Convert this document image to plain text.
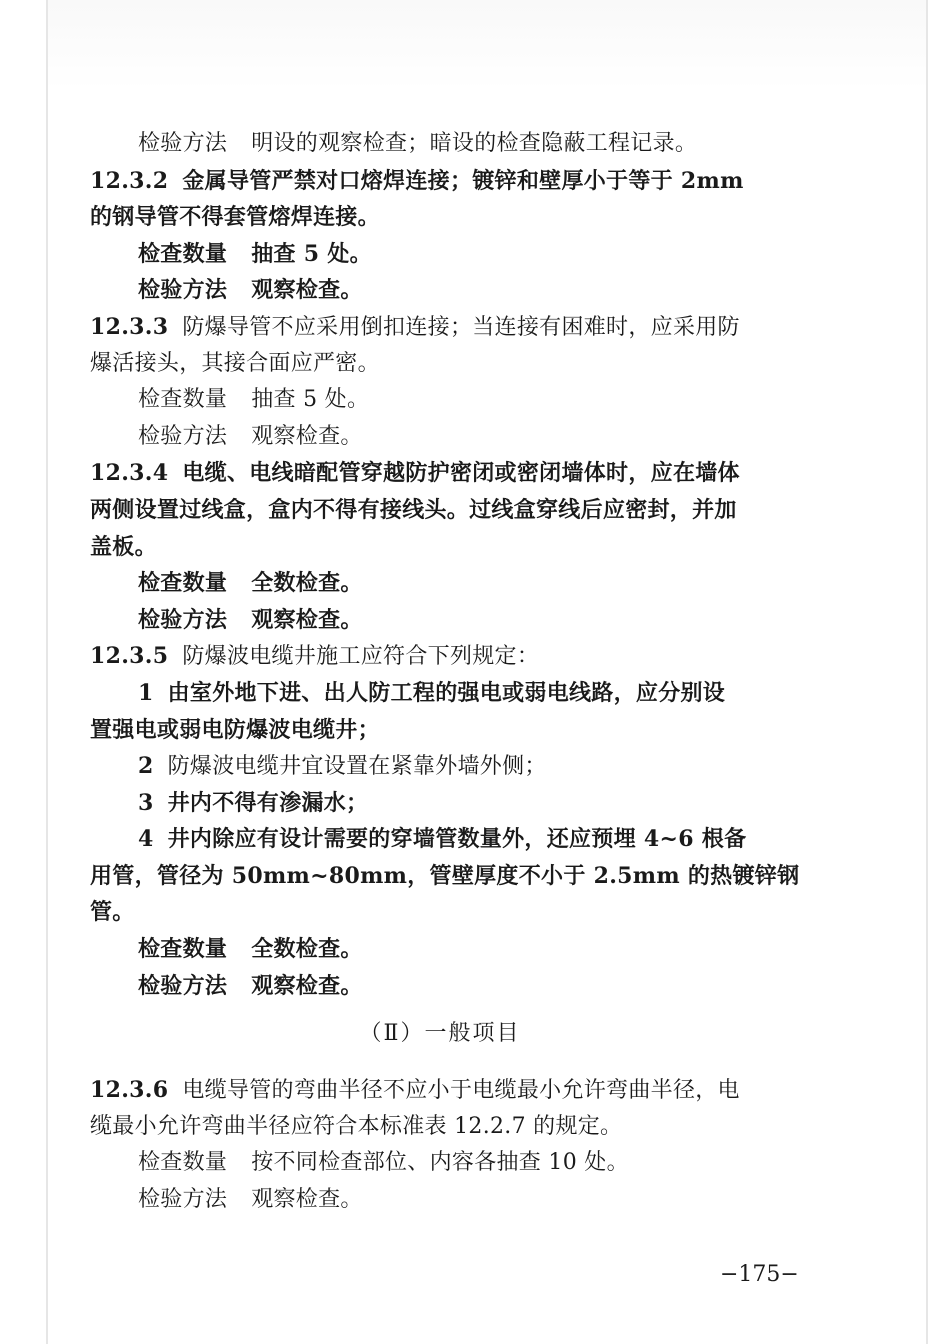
检验方法 明设的观察检查；暗设的检查隐蔽工程记录。
12.3.2 金属导管严禁对口熔焊连接；镀锌和壁厚小于等于 2mm
的钢导管不得套管熔焊连接。
检查数量 抽查 5 处。
检验方法 观察检查。
12.3.3 防爆导管不应采用倒扣连接；当连接有困难时，应采用防
爆活接头，其接合面应严密。
检查数量 抽查 5 处。
检验方法 观察检查。
12.3.4 电缆、电线暗配管穿越防护密闭或密闭墙体时，应在墙体
两侧设置过线盒，盒内不得有接线头。过线盒穿线后应密封，并加
盖板。
检查数量 全数检查。
检验方法 观察检查。
12.3.5 防爆波电缆井施工应符合下列规定：
1 由室外地下进、出人防工程的强电或弱电线路，应分别设
置强电或弱电防爆波电缆井；
2 防爆波电缆井宜设置在紧靠外墙外侧；
3 井内不得有渗漏水；
4 井内除应有设计需要的穿墙管数量外，还应预埋 4~6 根备
用管，管径为 50mm~80mm，管壁厚度不小于 2.5mm 的热镀锌钢
管。
检查数量 全数检查。
检验方法 观察检查。
（Ⅱ）一般项目
12.3.6 电缆导管的弯曲半径不应小于电缆最小允许弯曲半径，电
缆最小允许弯曲半径应符合本标准表 12.2.7 的规定。
检查数量 按不同检查部位、内容各抽查 10 处。
检验方法 观察检查。
−175−
